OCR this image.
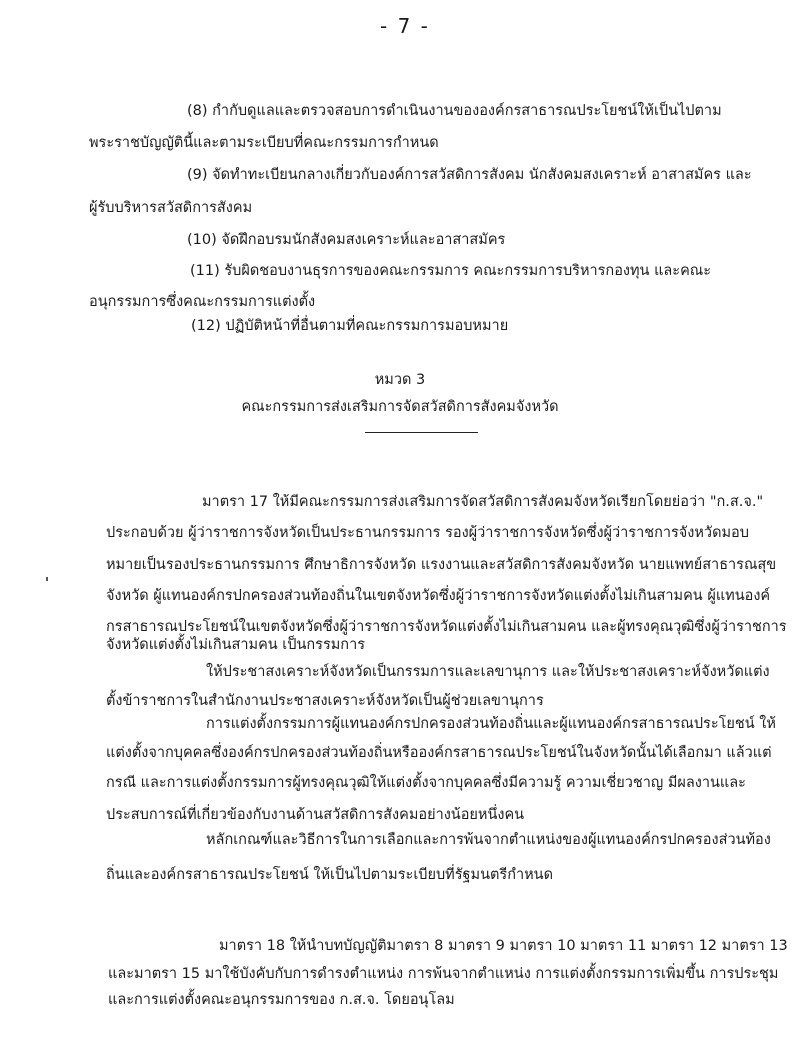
- 7 -
(8) กำกับดูแลและตรวจสอบการดำเนินงานขององค์กรสาธารณประโยชน์ให้เป็นไปตาม
พระราชบัญญัตินี้และตามระเบียบที่คณะกรรมการกำหนด
(9) จัดทำทะเบียนกลางเกี่ยวกับองค์การสวัสดิการสังคม นักสังคมสงเคราะห์ อาสาสมัคร และ
ผู้รับบริหารสวัสดิการสังคม
(10) จัดฝึกอบรมนักสังคมสงเคราะห์และอาสาสมัคร
(11) รับผิดชอบงานธุรการของคณะกรรมการ คณะกรรมการบริหารกองทุน และคณะ
อนุกรรมการซึ่งคณะกรรมการแต่งตั้ง
(12) ปฏิบัติหน้าที่อื่นตามที่คณะกรรมการมอบหมาย
หมวด 3
คณะกรรมการส่งเสริมการจัดสวัสดิการสังคมจังหวัด
มาตรา 17 ให้มีคณะกรรมการส่งเสริมการจัดสวัสดิการสังคมจังหวัดเรียกโดยย่อว่า "ก.ส.จ."
ประกอบด้วย ผู้ว่าราชการจังหวัดเป็นประธานกรรมการ รองผู้ว่าราชการจังหวัดซึ่งผู้ว่าราชการจังหวัดมอบ
หมายเป็นรองประธานกรรมการ ศึกษาธิการจังหวัด แรงงานและสวัสดิการสังคมจังหวัด นายแพทย์สาธารณสุข
จังหวัด ผู้แทนองค์กรปกครองส่วนท้องถิ่นในเขตจังหวัดซึ่งผู้ว่าราชการจังหวัดแต่งตั้งไม่เกินสามคน ผู้แทนองค์
กรสาธารณประโยชน์ในเขตจังหวัดซึ่งผู้ว่าราชการจังหวัดแต่งตั้งไม่เกินสามคน และผู้ทรงคุณวุฒิซึ่งผู้ว่าราชการ
จังหวัดแต่งตั้งไม่เกินสามคน เป็นกรรมการ
ให้ประชาสงเคราะห์จังหวัดเป็นกรรมการและเลขานุการ และให้ประชาสงเคราะห์จังหวัดแต่ง
ตั้งข้าราชการในสำนักงานประชาสงเคราะห์จังหวัดเป็นผู้ช่วยเลขานุการ
การแต่งตั้งกรรมการผู้แทนองค์กรปกครองส่วนท้องถิ่นและผู้แทนองค์กรสาธารณประโยชน์ ให้
แต่งตั้งจากบุคคลซึ่งองค์กรปกครองส่วนท้องถิ่นหรือองค์กรสาธารณประโยชน์ในจังหวัดนั้นได้เลือกมา แล้วแต่
กรณี และการแต่งตั้งกรรมการผู้ทรงคุณวุฒิให้แต่งตั้งจากบุคคลซึ่งมีความรู้ ความเชี่ยวชาญ มีผลงานและ
ประสบการณ์ที่เกี่ยวข้องกับงานด้านสวัสดิการสังคมอย่างน้อยหนึ่งคน
หลักเกณฑ์และวิธีการในการเลือกและการพ้นจากตำแหน่งของผู้แทนองค์กรปกครองส่วนท้อง
ถิ่นและองค์กรสาธารณประโยชน์ ให้เป็นไปตามระเบียบที่รัฐมนตรีกำหนด
มาตรา 18 ให้นำบทบัญญัติมาตรา 8 มาตรา 9 มาตรา 10 มาตรา 11 มาตรา 12 มาตรา 13
และมาตรา 15 มาใช้บังคับกับการดำรงตำแหน่ง การพ้นจากตำแหน่ง การแต่งตั้งกรรมการเพิ่มขึ้น การประชุม
และการแต่งตั้งคณะอนุกรรมการของ ก.ส.จ. โดยอนุโลม
